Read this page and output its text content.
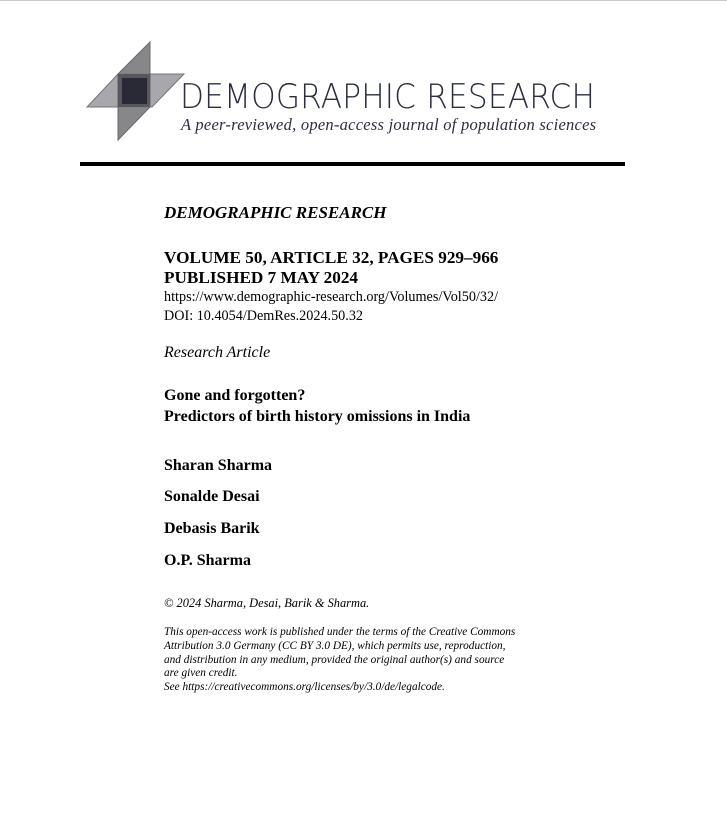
DEMOGRAPHIC RESEARCH
A peer-reviewed, open-access journal of population sciences
DEMOGRAPHIC RESEARCH
VOLUME 50, ARTICLE 32, PAGES 929–966
PUBLISHED 7 MAY 2024
https://www.demographic-research.org/Volumes/Vol50/32/
DOI: 10.4054/DemRes.2024.50.32
Research Article
Gone and forgotten?
Predictors of birth history omissions in India
Sharan Sharma
Sonalde Desai
Debasis Barik
O.P. Sharma
© 2024 Sharma, Desai, Barik & Sharma.
This open-access work is published under the terms of the Creative Commons
Attribution 3.0 Germany (CC BY 3.0 DE), which permits use, reproduction,
and distribution in any medium, provided the original author(s) and source
are given credit.
See https://creativecommons.org/licenses/by/3.0/de/legalcode.
